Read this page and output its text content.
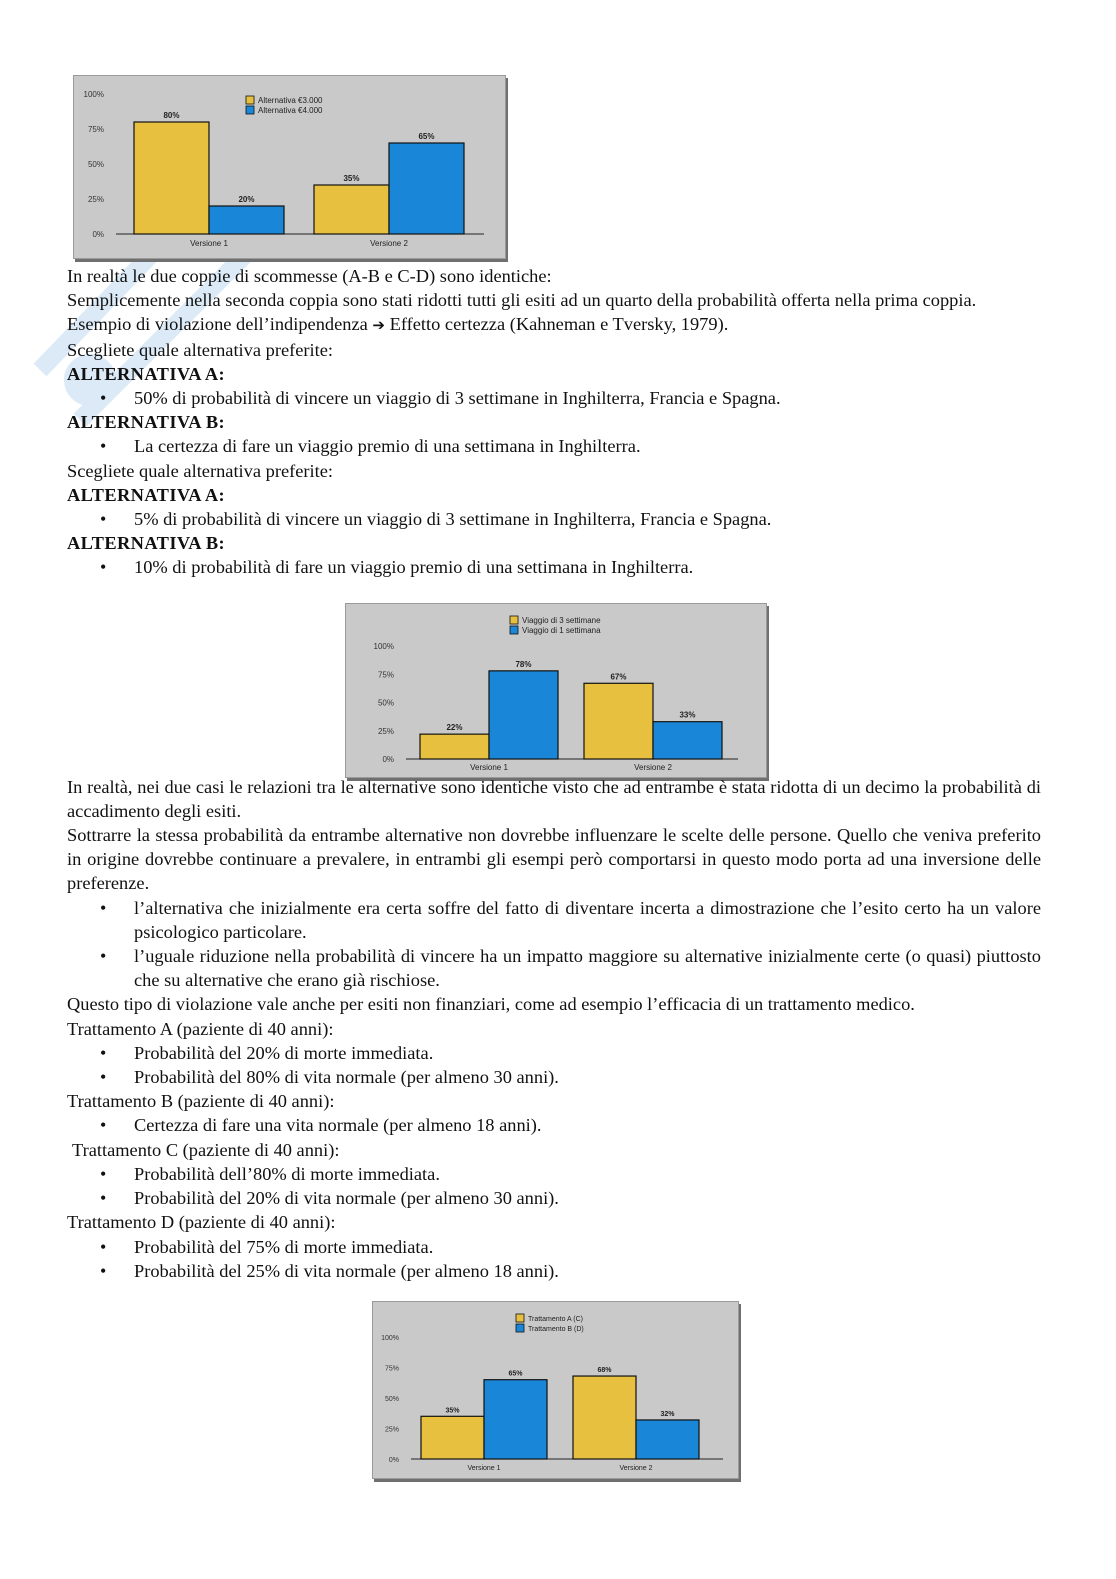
0%
25%
50%
75%
100%
80%
20%
Versione 1
35%
65%
Versione 2
Alternativa €3.000
Alternativa €4.000
0%
25%
50%
75%
100%
22%
78%
Versione 1
67%
33%
Versione 2
Viaggio di 3 settimane
Viaggio di 1 settimana
0%
25%
50%
75%
100%
35%
65%
Versione 1
68%
32%
Versione 2
Trattamento A (C)
Trattamento B (D)

In realtà le due coppie di scommesse (A-B e C-D) sono identiche:

Semplicemente nella seconda coppia sono stati ridotti tutti gli esiti ad un quarto della probabilità offerta nella prima coppia.

Esempio di violazione dell’indipendenza ➔ Effetto certezza (Kahneman e Tversky, 1979).

Scegliete quale alternativa preferite:

ALTERNATIVA A:

• 50% di probabilità di vincere un viaggio di 3 settimane in Inghilterra, Francia e Spagna.

ALTERNATIVA B:

• La certezza di fare un viaggio premio di una settimana in Inghilterra.

Scegliete quale alternativa preferite:

ALTERNATIVA A:

• 5% di probabilità di vincere un viaggio di 3 settimane in Inghilterra, Francia e Spagna.

ALTERNATIVA B:

• 10% di probabilità di fare un viaggio premio di una settimana in Inghilterra.

In realtà, nei due casi le relazioni tra le alternative sono identiche visto che ad entrambe è stata ridotta di un decimo la probabilità di accadimento degli esiti.

Sottrarre la stessa probabilità da entrambe alternative non dovrebbe influenzare le scelte delle persone. Quello che veniva preferito in origine dovrebbe continuare a prevalere, in entrambi gli esempi però comportarsi in questo modo porta ad una inversione delle preferenze.

• l’alternativa che inizialmente era certa soffre del fatto di diventare incerta a dimostrazione che l’esito certo ha un valore psicologico particolare.
• l’uguale riduzione nella probabilità di vincere ha un impatto maggiore su alternative inizialmente certe (o quasi) piuttosto che su alternative che erano già rischiose.

Questo tipo di violazione vale anche per esiti non finanziari, come ad esempio l’efficacia di un trattamento medico.

Trattamento A (paziente di 40 anni):

• Probabilità del 20% di morte immediata.
• Probabilità del 80% di vita normale (per almeno 30 anni).

Trattamento B (paziente di 40 anni):

• Certezza di fare una vita normale (per almeno 18 anni).

Trattamento C (paziente di 40 anni):

• Probabilità dell’80% di morte immediata.
• Probabilità del 20% di vita normale (per almeno 30 anni).

Trattamento D (paziente di 40 anni):

• Probabilità del 75% di morte immediata.
• Probabilità del 25% di vita normale (per almeno 18 anni).
